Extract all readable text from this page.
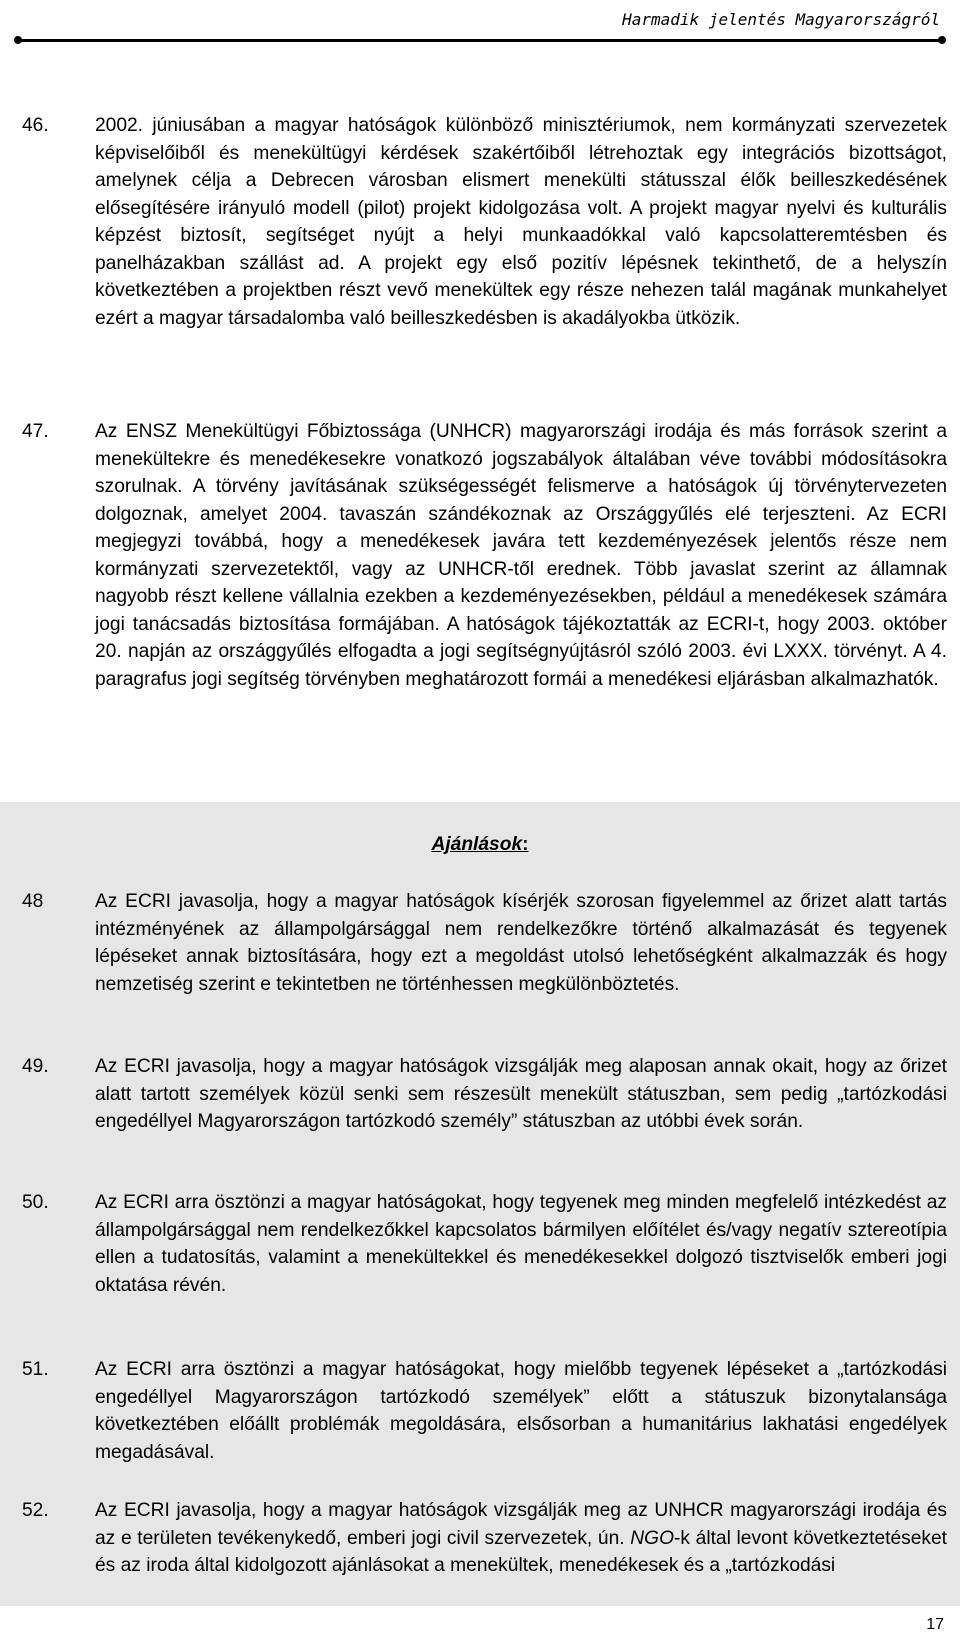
Harmadik jelentés Magyarországról
46. 2002. júniusában a magyar hatóságok különböző minisztériumok, nem kormányzati szervezetek képviselőiből és menekültügyi kérdések szakértőiből létrehoztak egy integrációs bizottságot, amelynek célja a Debrecen városban elismert menekülti státusszal élők beilleszkedésének elősegítésére irányuló modell (pilot) projekt kidolgozása volt. A projekt magyar nyelvi és kulturális képzést biztosít, segítséget nyújt a helyi munkaadókkal való kapcsolatteremtésben és panelházakban szállást ad. A projekt egy első pozitív lépésnek tekinthető, de a helyszín következtében a projektben részt vevő menekültek egy része nehezen talál magának munkahelyet ezért a magyar társadalomba való beilleszkedésben is akadályokba ütközik.
47. Az ENSZ Menekültügyi Főbiztossága (UNHCR) magyarországi irodája és más források szerint a menekültekre és menedékesekre vonatkozó jogszabályok általában véve további módosításokra szorulnak. A törvény javításának szükségességét felismerve a hatóságok új törvénytervezeten dolgoznak, amelyet 2004. tavaszán szándékoznak az Országgyűlés elé terjeszteni. Az ECRI megjegyzi továbbá, hogy a menedékesek javára tett kezdeményezések jelentős része nem kormányzati szervezetektől, vagy az UNHCR-től erednek. Több javaslat szerint az államnak nagyobb részt kellene vállalnia ezekben a kezdeményezésekben, például a menedékesek számára jogi tanácsadás biztosítása formájában. A hatóságok tájékoztatták az ECRI-t, hogy 2003. október 20. napján az országgyűlés elfogadta a jogi segítségnyújtásról szóló 2003. évi LXXX. törvényt. A 4. paragrafus jogi segítség törvényben meghatározott formái a menedékesi eljárásban alkalmazhatók.
Ajánlások:
48	Az ECRI javasolja, hogy a magyar hatóságok kísérjék szorosan figyelemmel az őrizet alatt tartás intézményének az állampolgársággal nem rendelkezőkre történő alkalmazását és tegyenek lépéseket annak biztosítására, hogy ezt a megoldást utolsó lehetőségként alkalmazzák és hogy nemzetiség szerint e tekintetben ne történhessen megkülönböztetés.
49. Az ECRI javasolja, hogy a magyar hatóságok vizsgálják meg alaposan annak okait, hogy az őrizet alatt tartott személyek közül senki sem részesült menekült státuszban, sem pedig „tartózkodási engedéllyel Magyarországon tartózkodó személy” státuszban az utóbbi évek során.
50. Az ECRI arra ösztönzi a magyar hatóságokat, hogy tegyenek meg minden megfelelő intézkedést az állampolgársággal nem rendelkezőkkel kapcsolatos bármilyen előítélet és/vagy negatív sztereotípia ellen a tudatosítás, valamint a menekültekkel és menedékesekkel dolgozó tisztviselők emberi jogi oktatása révén.
51. Az ECRI arra ösztönzi a magyar hatóságokat, hogy mielőbb tegyenek lépéseket a „tartózkodási engedéllyel Magyarországon tartózkodó személyek” előtt a státuszuk bizonytalansága következtében előállt problémák megoldására, elsősorban a humanitárius lakhatási engedélyek megadásával.
52. Az ECRI javasolja, hogy a magyar hatóságok vizsgálják meg az UNHCR magyarországi irodája és az e területen tevékenykedő, emberi jogi civil szervezetek, ún. NGO-k által levont következtetéseket és az iroda által kidolgozott ajánlásokat a menekültek, menedékesek és a „tartózkodási
17
